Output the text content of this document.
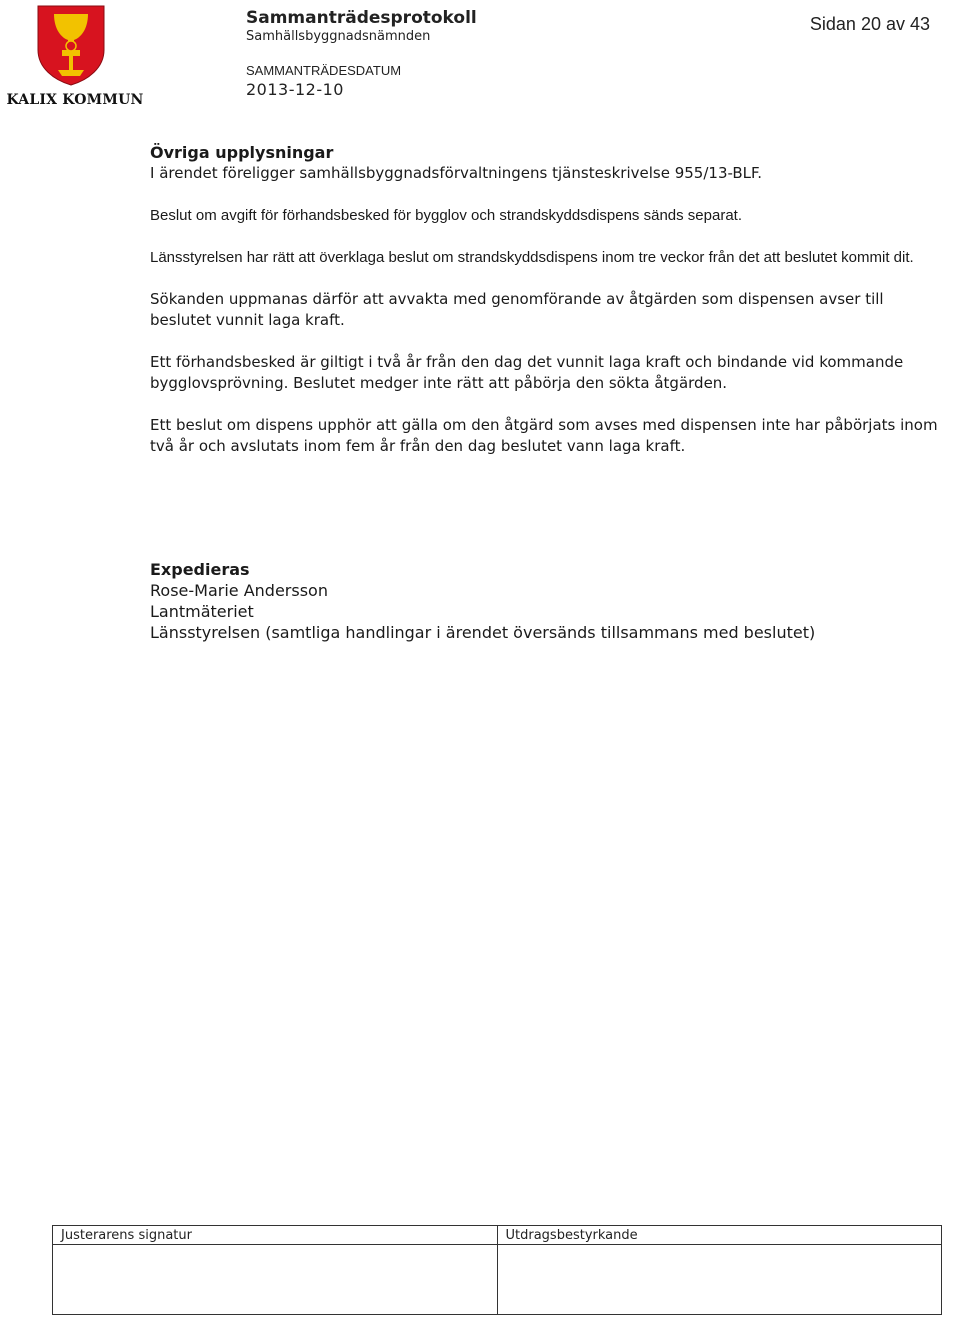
KALIX KOMMUN
Sammanträdesprotokoll
Samhällsbyggnadsnämnden
SAMMANTRÄDESDATUM
2013-12-10
Sidan 20 av 43

Övriga upplysningar

I ärendet föreligger samhällsbyggnadsförvaltningens tjänsteskrivelse 955/13-BLF.

Beslut om avgift för förhandsbesked för bygglov och strandskyddsdispens sänds separat.

Länsstyrelsen har rätt att överklaga beslut om strandskyddsdispens inom tre veckor från det att beslutet kommit dit.

Sökanden uppmanas därför att avvakta med genomförande av åtgärden som dispensen avser till beslutet vunnit laga kraft.

Ett förhandsbesked är giltigt i två år från den dag det vunnit laga kraft och bindande vid kommande bygglovsprövning. Beslutet medger inte rätt att påbörja den sökta åtgärden.

Ett beslut om dispens upphör att gälla om den åtgärd som avses med dispensen inte har påbörjats inom två år och avslutats inom fem år från den dag beslutet vann laga kraft.

Expedieras

Rose-Marie Andersson

Lantmäteriet

Länsstyrelsen (samtliga handlingar i ärendet översänds tillsammans med beslutet)

Justerarens signatur	Utdragsbestyrkande
